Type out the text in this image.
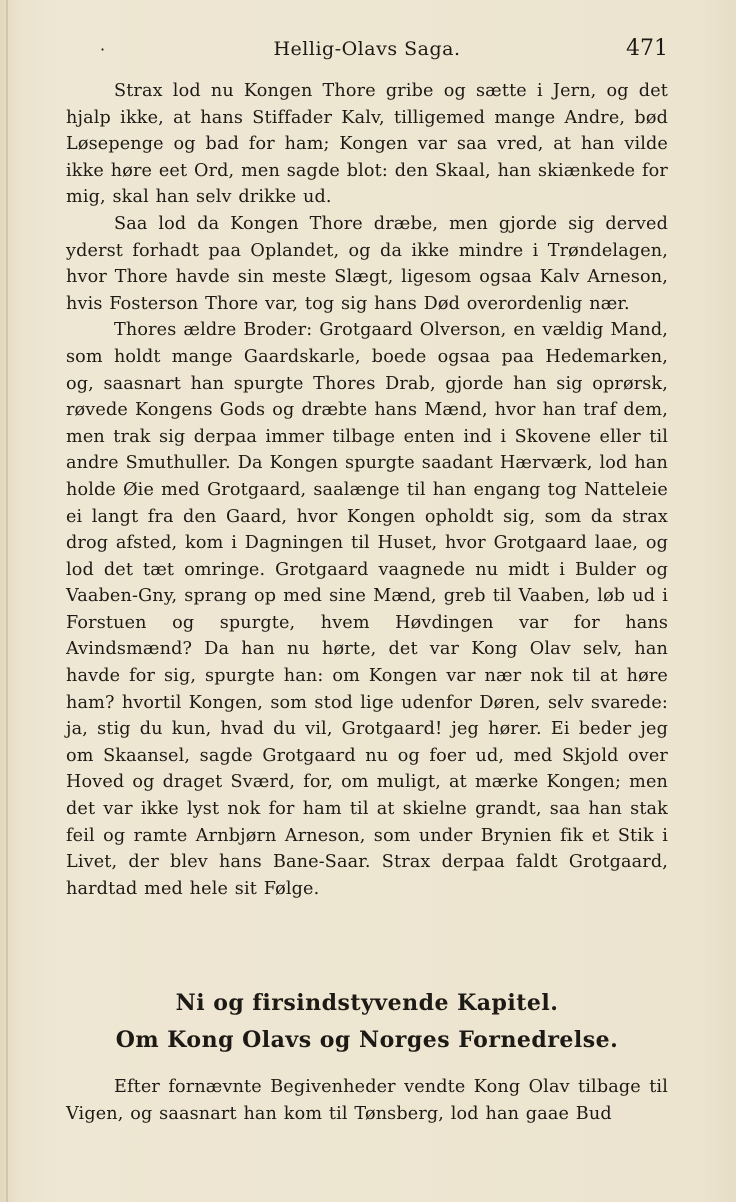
·	Hellig-Olavs Saga.	471

Strax lod nu Kongen Thore gribe og sætte i Jern, og det hjalp ikke, at hans Stiffader Kalv, tilligemed mange Andre, bød Løsepenge og bad for ham; Kongen var saa vred, at han vilde ikke høre eet Ord, men sagde blot: den Skaal, han skiænkede for mig, skal han selv drikke ud.

Saa lod da Kongen Thore dræbe, men gjorde sig derved yderst forhadt paa Oplandet, og da ikke mindre i Trøndelagen, hvor Thore havde sin meste Slægt, ligesom ogsaa Kalv Arneson, hvis Fosterson Thore var, tog sig hans Død overordenlig nær.

Thores ældre Broder: Grotgaard Olverson, en vældig Mand, som holdt mange Gaardskarle, boede ogsaa paa Hedemarken, og, saasnart han spurgte Thores Drab, gjorde han sig oprørsk, røvede Kongens Gods og dræbte hans Mænd, hvor han traf dem, men trak sig derpaa immer tilbage enten ind i Skovene eller til andre Smuthuller. Da Kongen spurgte saadant Hærværk, lod han holde Øie med Grotgaard, saalænge til han engang tog Natteleie ei langt fra den Gaard, hvor Kongen opholdt sig, som da strax drog afsted, kom i Dagningen til Huset, hvor Grotgaard laae, og lod det tæt omringe. Grotgaard vaagnede nu midt i Bulder og Vaaben-Gny, sprang op med sine Mænd, greb til Vaaben, løb ud i Forstuen og spurgte, hvem Høvdingen var for hans Avindsmænd? Da han nu hørte, det var Kong Olav selv, han havde for sig, spurgte han: om Kongen var nær nok til at høre ham? hvortil Kongen, som stod lige udenfor Døren, selv svarede: ja, stig du kun, hvad du vil, Grotgaard! jeg hører. Ei beder jeg om Skaansel, sagde Grotgaard nu og foer ud, med Skjold over Hoved og draget Sværd, for, om muligt, at mærke Kongen; men det var ikke lyst nok for ham til at skielne grandt, saa han stak feil og ramte Arnbjørn Arneson, som under Brynien fik et Stik i Livet, der blev hans Bane-Saar. Strax derpaa faldt Grotgaard, hardtad med hele sit Følge.

Ni og firsindstyvende Kapitel.
Om Kong Olavs og Norges Fornedrelse.

Efter fornævnte Begivenheder vendte Kong Olav tilbage til Vigen, og saasnart han kom til Tønsberg, lod han gaae Bud
